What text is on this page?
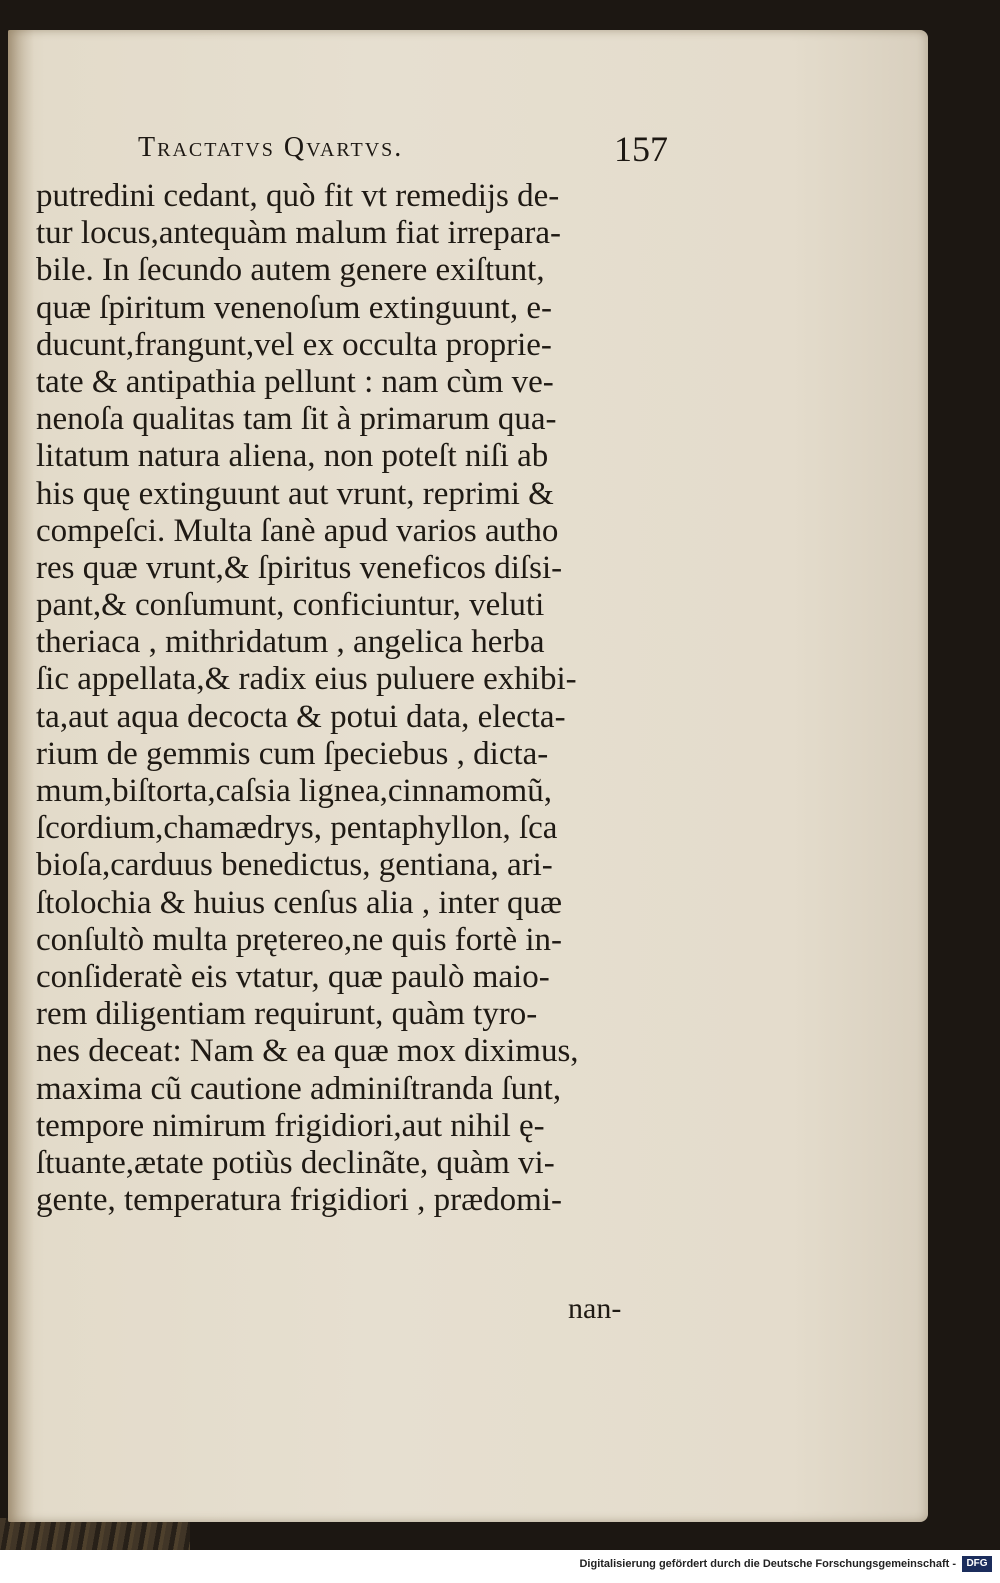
Tractatvs Qvartvs.	157
putredini cedant, quò fit vt remedijs de-
tur locus,antequàm malum fiat irrepara-
bile. In ſecundo autem genere exiſtunt,
quæ ſpiritum venenoſum extinguunt, e-
ducunt,frangunt,vel ex occulta proprie-
tate & antipathia pellunt : nam cùm ve-
nenoſa qualitas tam ſit à primarum qua-
litatum natura aliena, non poteſt niſi ab
his quę extinguunt aut vrunt, reprimi &
compeſci. Multa ſanè apud varios autho
res quæ vrunt,& ſpiritus veneficos diſsi-
pant,& conſumunt, conficiuntur, veluti
theriaca , mithridatum , angelica herba
ſic appellata,& radix eius puluere exhibi-
ta,aut aqua decocta & potui data, electa-
rium de gemmis cum ſpeciebus , dicta-
mum,biſtorta,caſsia lignea,cinnamomũ,
ſcordium,chamædrys, pentaphyllon, ſca
bioſa,carduus benedictus, gentiana, ari-
ſtolochia & huius cenſus alia , inter quæ
conſultò multa prętereo,ne quis fortè in-
conſideratè eis vtatur, quæ paulò maio-
rem diligentiam requirunt, quàm tyro-
nes deceat: Nam & ea quæ mox diximus,
maxima cũ cautione adminiſtranda ſunt,
tempore nimirum frigidiori,aut nihil ę-
ſtuante,ætate potiùs declinãte, quàm vi-
gente, temperatura frigidiori , prædomi-
nan-
Digitalisierung gefördert durch die Deutsche Forschungsgemeinschaft -	DFG
